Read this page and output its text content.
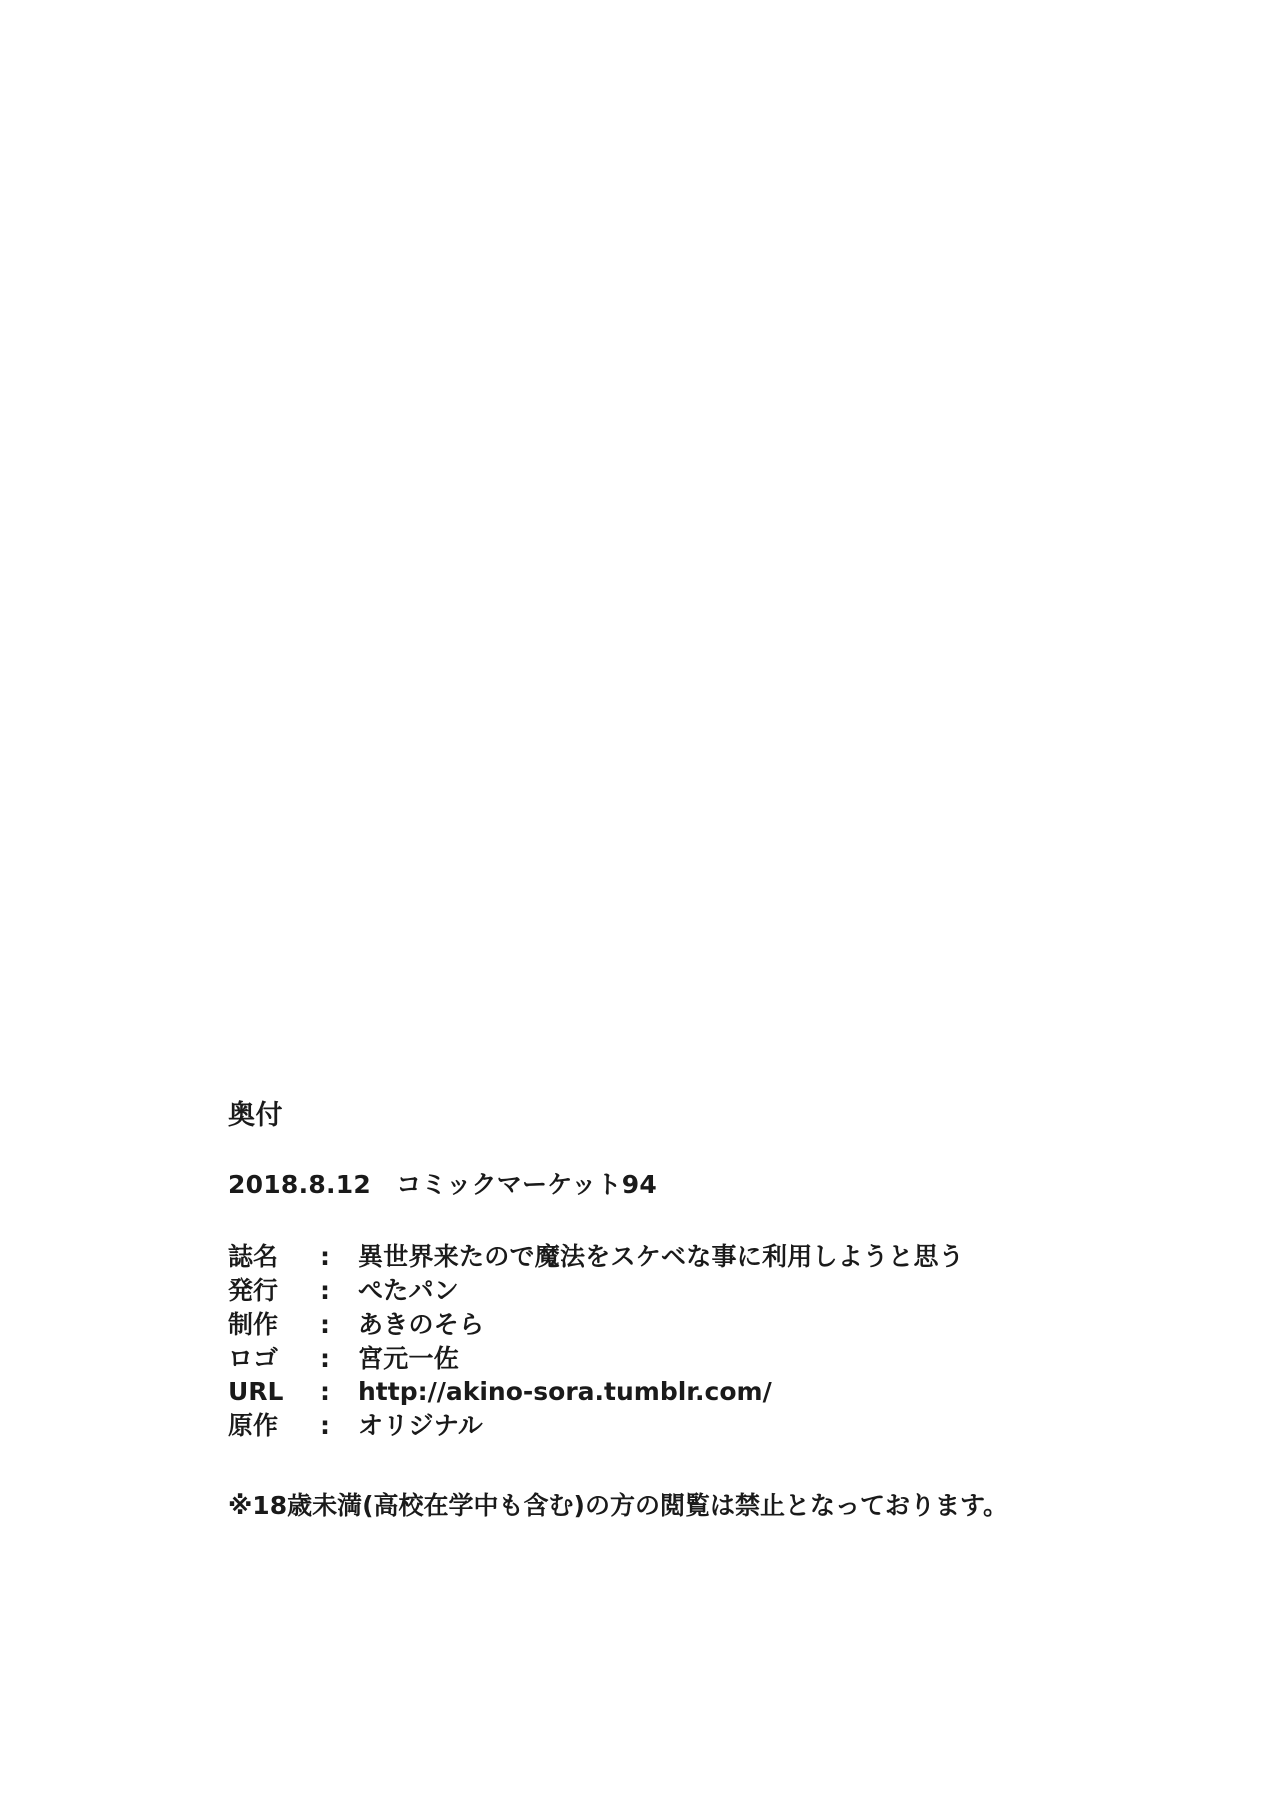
奥付

2018.8.12　コミックマーケット94

誌名	:	異世界来たので魔法をスケベな事に利用しようと思う
発行	:	ぺたパン
制作	:	あきのそら
ロゴ	:	宮元一佐
URL	:	http://akino-sora.tumblr.com/
原作	:	オリジナル

※18歳未満(高校在学中も含む)の方の閲覧は禁止となっております。
